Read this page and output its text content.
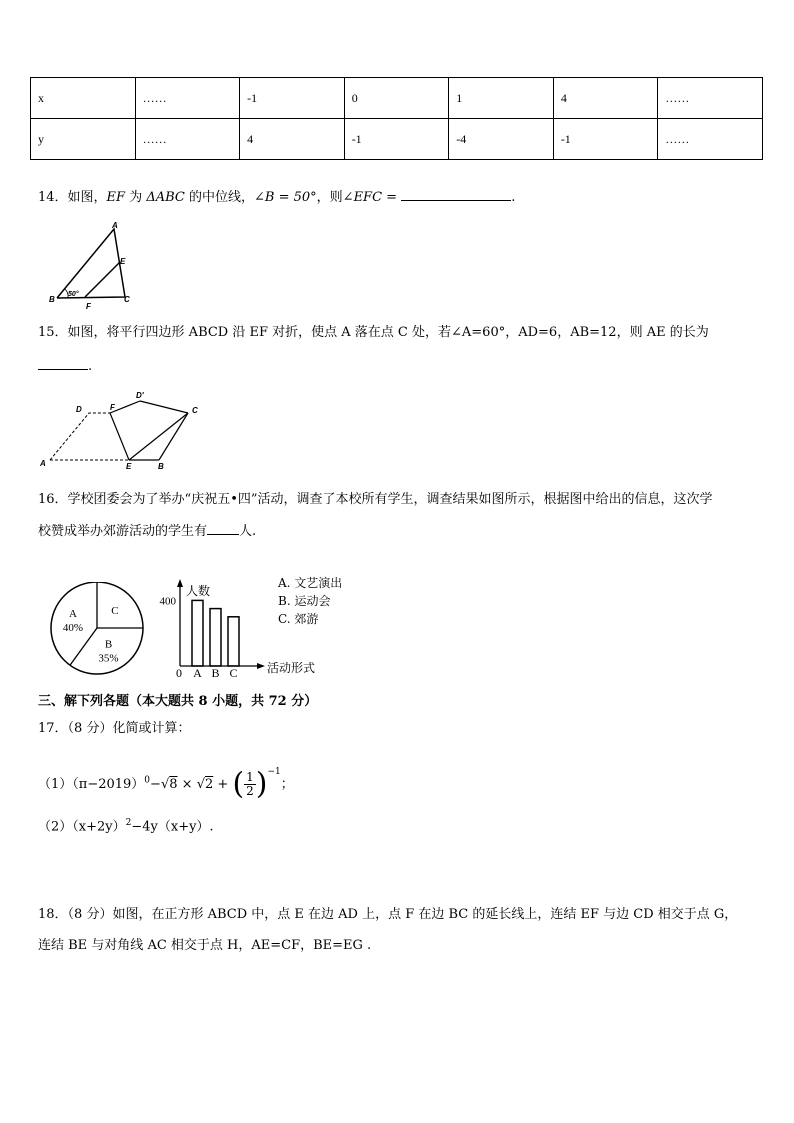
x	……	-1	0	1	4	……
y	……	4	-1	-4	-1	……
14．如图，EF 为 ΔABC 的中位线，∠B = 50°，则∠EFC =	.
A
B	C
E
F
50°
15．如图，将平行四边形 ABCD 沿 EF 对折，使点 A 落在点 C 处，若∠A=60°，AD=6，AB=12，则 AE 的长为
.
A	B
C
D
D'
E
F
16．学校团委会为了举办“庆祝五•四”活动，调查了本校所有学生，调查结果如图所示，根据图中给出的信息，这次学
校赞成举办郊游活动的学生有 人.
A
40%
B
35%
C
人数
活动形式
400
0 A B C
A. 文艺演出
B. 运动会
C. 郊游
三、解下列各题（本大题共 8 小题，共 72 分）
17．（8 分）化简或计算：
$(1)(\pi-2019)^0-√8 \times √2$ + ( $\frac{1}{2} )^{-1}$；
$(2)(x+2y)^2-4y(x+y)$.
18．（8 分）如图，在正方形 ABCD 中，点 E 在边 AD 上，点 F 在边 BC 的延长线上，连结 EF 与边 CD 相交于点 G，
连结 BE 与对角线 AC 相交于点 H，AE=CF，BE=EG .
